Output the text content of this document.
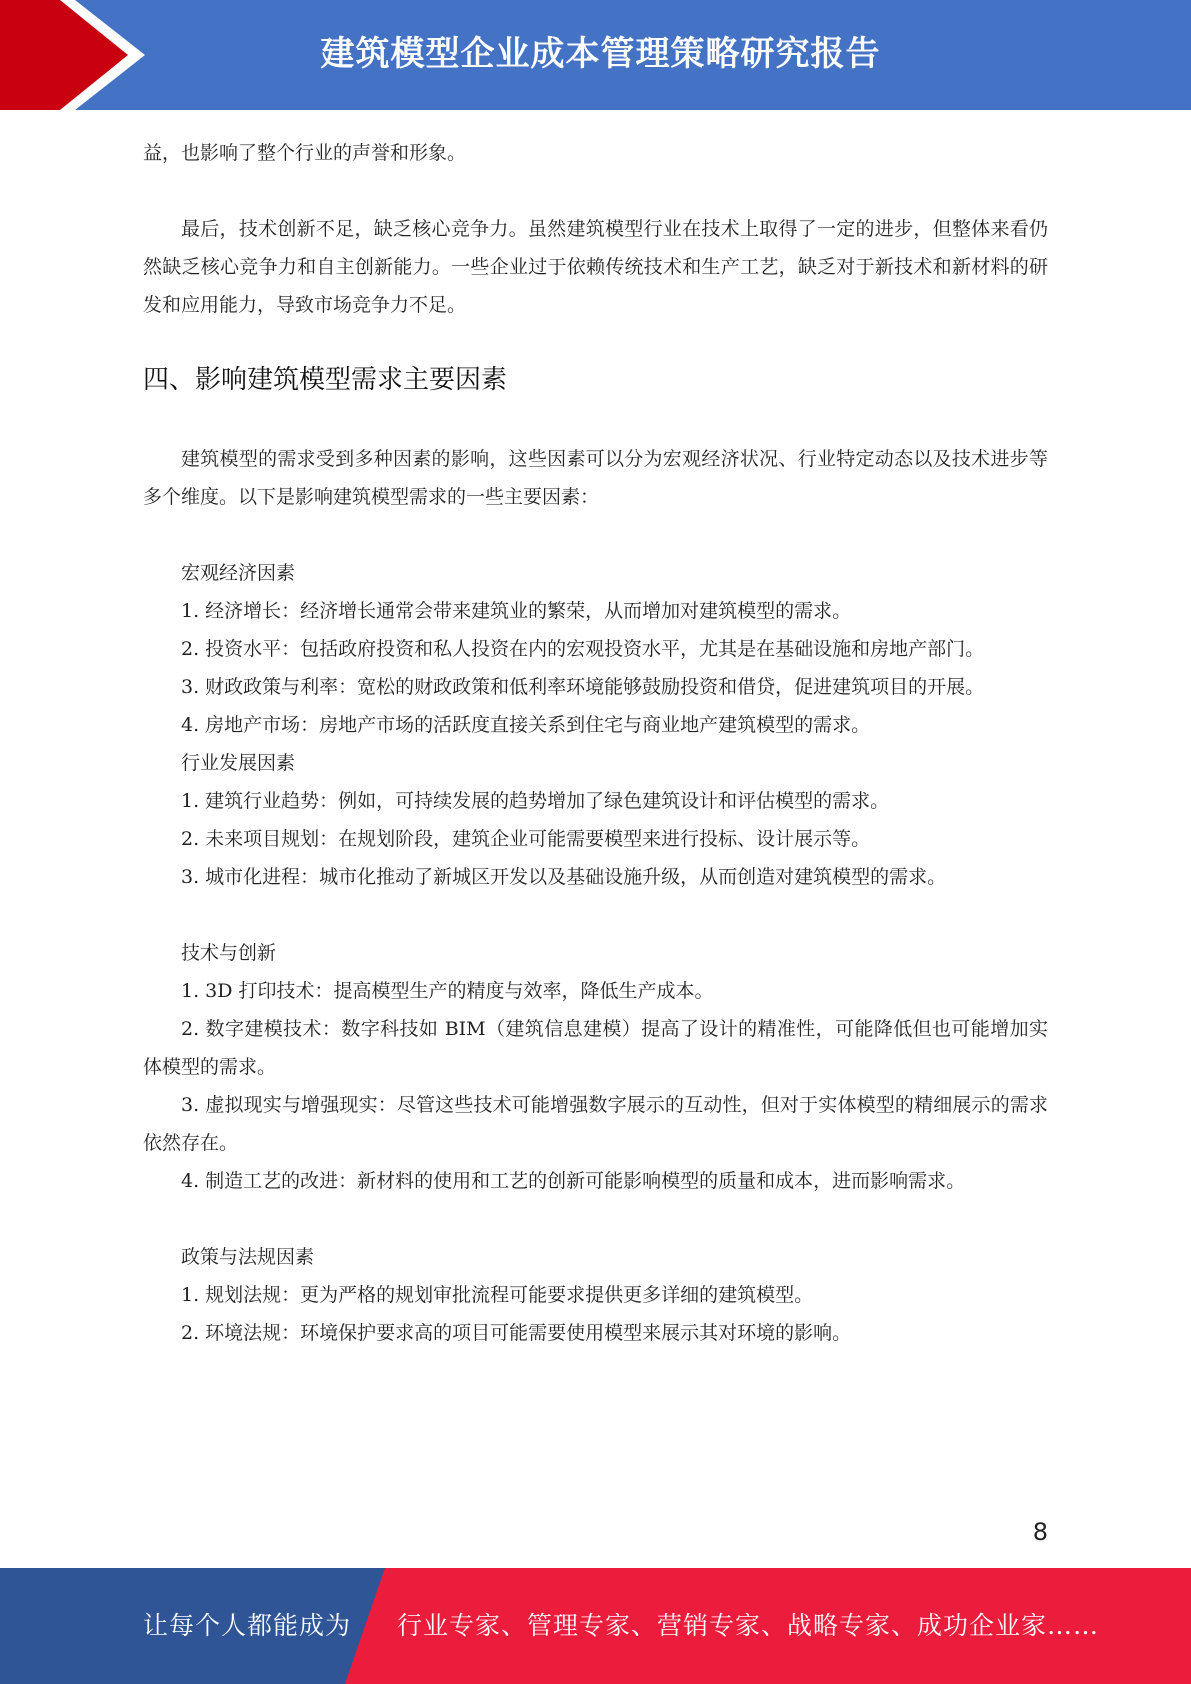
建筑模型企业成本管理策略研究报告

益，也影响了整个行业的声誉和形象。

最后，技术创新不足，缺乏核心竞争力。虽然建筑模型行业在技术上取得了一定的进步，但整体来看仍然缺乏核心竞争力和自主创新能力。一些企业过于依赖传统技术和生产工艺，缺乏对于新技术和新材料的研发和应用能力，导致市场竞争力不足。

四、影响建筑模型需求主要因素

建筑模型的需求受到多种因素的影响，这些因素可以分为宏观经济状况、行业特定动态以及技术进步等多个维度。以下是影响建筑模型需求的一些主要因素：

宏观经济因素

1. 经济增长：经济增长通常会带来建筑业的繁荣，从而增加对建筑模型的需求。

2. 投资水平：包括政府投资和私人投资在内的宏观投资水平，尤其是在基础设施和房地产部门。

3. 财政政策与利率：宽松的财政政策和低利率环境能够鼓励投资和借贷，促进建筑项目的开展。

4. 房地产市场：房地产市场的活跃度直接关系到住宅与商业地产建筑模型的需求。

行业发展因素

1. 建筑行业趋势：例如，可持续发展的趋势增加了绿色建筑设计和评估模型的需求。

2. 未来项目规划：在规划阶段，建筑企业可能需要模型来进行投标、设计展示等。

3. 城市化进程：城市化推动了新城区开发以及基础设施升级，从而创造对建筑模型的需求。

技术与创新

1. 3D 打印技术：提高模型生产的精度与效率，降低生产成本。

2. 数字建模技术：数字科技如 BIM（建筑信息建模）提高了设计的精准性，可能降低但也可能增加实体模型的需求。

3. 虚拟现实与增强现实：尽管这些技术可能增强数字展示的互动性，但对于实体模型的精细展示的需求依然存在。

4. 制造工艺的改进：新材料的使用和工艺的创新可能影响模型的质量和成本，进而影响需求。

政策与法规因素

1. 规划法规：更为严格的规划审批流程可能要求提供更多详细的建筑模型。

2. 环境法规：环境保护要求高的项目可能需要使用模型来展示其对环境的影响。

8
让每个人都能成为 行业专家、管理专家、营销专家、战略专家、成功企业家……
